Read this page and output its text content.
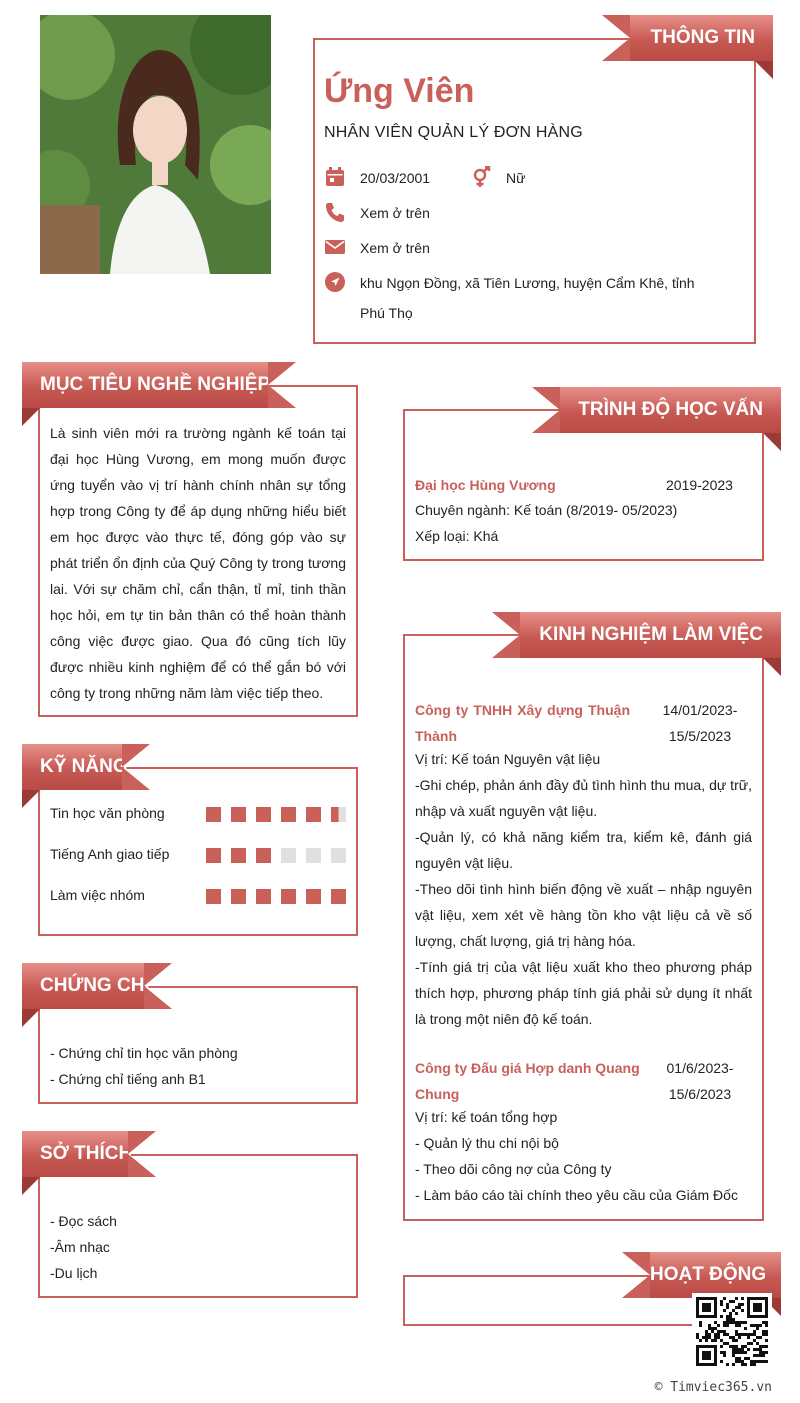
THÔNG TIN
Ứng Viên
NHÂN VIÊN QUẢN LÝ ĐƠN HÀNG
20/03/2001	Nữ
Xem ở trên
Xem ở trên
khu Ngọn Đồng, xã Tiên Lương, huyện Cẩm Khê, tỉnh
Phú Thọ
MỤC TIÊU NGHỀ NGHIỆP
Là sinh viên mới ra trường ngành kế toán tại đại học Hùng Vương, em mong muốn được ứng tuyển vào vị trí hành chính nhân sự tổng hợp trong Công ty để áp dụng những hiểu biết em học được vào thực tế, đóng góp vào sự phát triển ổn định của Quý Công ty trong tương lai. Với sự chăm chỉ, cẩn thận, tỉ mỉ, tinh thần học hỏi, em tự tin bản thân có thể hoàn thành công việc được giao. Qua đó cũng tích lũy được nhiều kinh nghiệm để có thể gắn bó với công ty trong những năm làm việc tiếp theo.
KỸ NĂNG
Tin học văn phòng
Tiếng Anh giao tiếp
Làm việc nhóm
CHỨNG CHỈ
- Chứng chỉ tin học văn phòng
- Chứng chỉ tiếng anh B1
SỞ THÍCH
- Đọc sách
-Âm nhạc
-Du lịch
TRÌNH ĐỘ HỌC VẤN
Đại học Hùng Vương	2019-2023
Chuyên ngành: Kế toán (8/2019- 05/2023)
Xếp loại: Khá
KINH NGHIỆM LÀM VIỆC
Công ty TNHH Xây dựng Thuận Thành
14/01/2023- 15/5/2023
Vị trí: Kế toán Nguyên vật liệu
-Ghi chép, phản ánh đầy đủ tình hình thu mua, dự trữ, nhập và xuất nguyên vật liệu.
-Quản lý, có khả năng kiểm tra, kiểm kê, đánh giá nguyên vật liệu.
-Theo dõi tình hình biến động về xuất – nhập nguyên vật liệu, xem xét về hàng tồn kho vật liệu cả về số lượng, chất lượng, giá trị hàng hóa.
-Tính giá trị của vật liệu xuất kho theo phương pháp thích hợp, phương pháp tính giá phải sử dụng ít nhất là trong một niên độ kế toán.
Công ty Đấu giá Hợp danh Quang Chung
01/6/2023- 15/6/2023
Vị trí: kế toán tổng hợp
- Quản lý thu chi nội bộ
- Theo dõi công nợ của Công ty
- Làm báo cáo tài chính theo yêu cầu của Giám Đốc
HOẠT ĐỘNG
© Timviec365.vn
